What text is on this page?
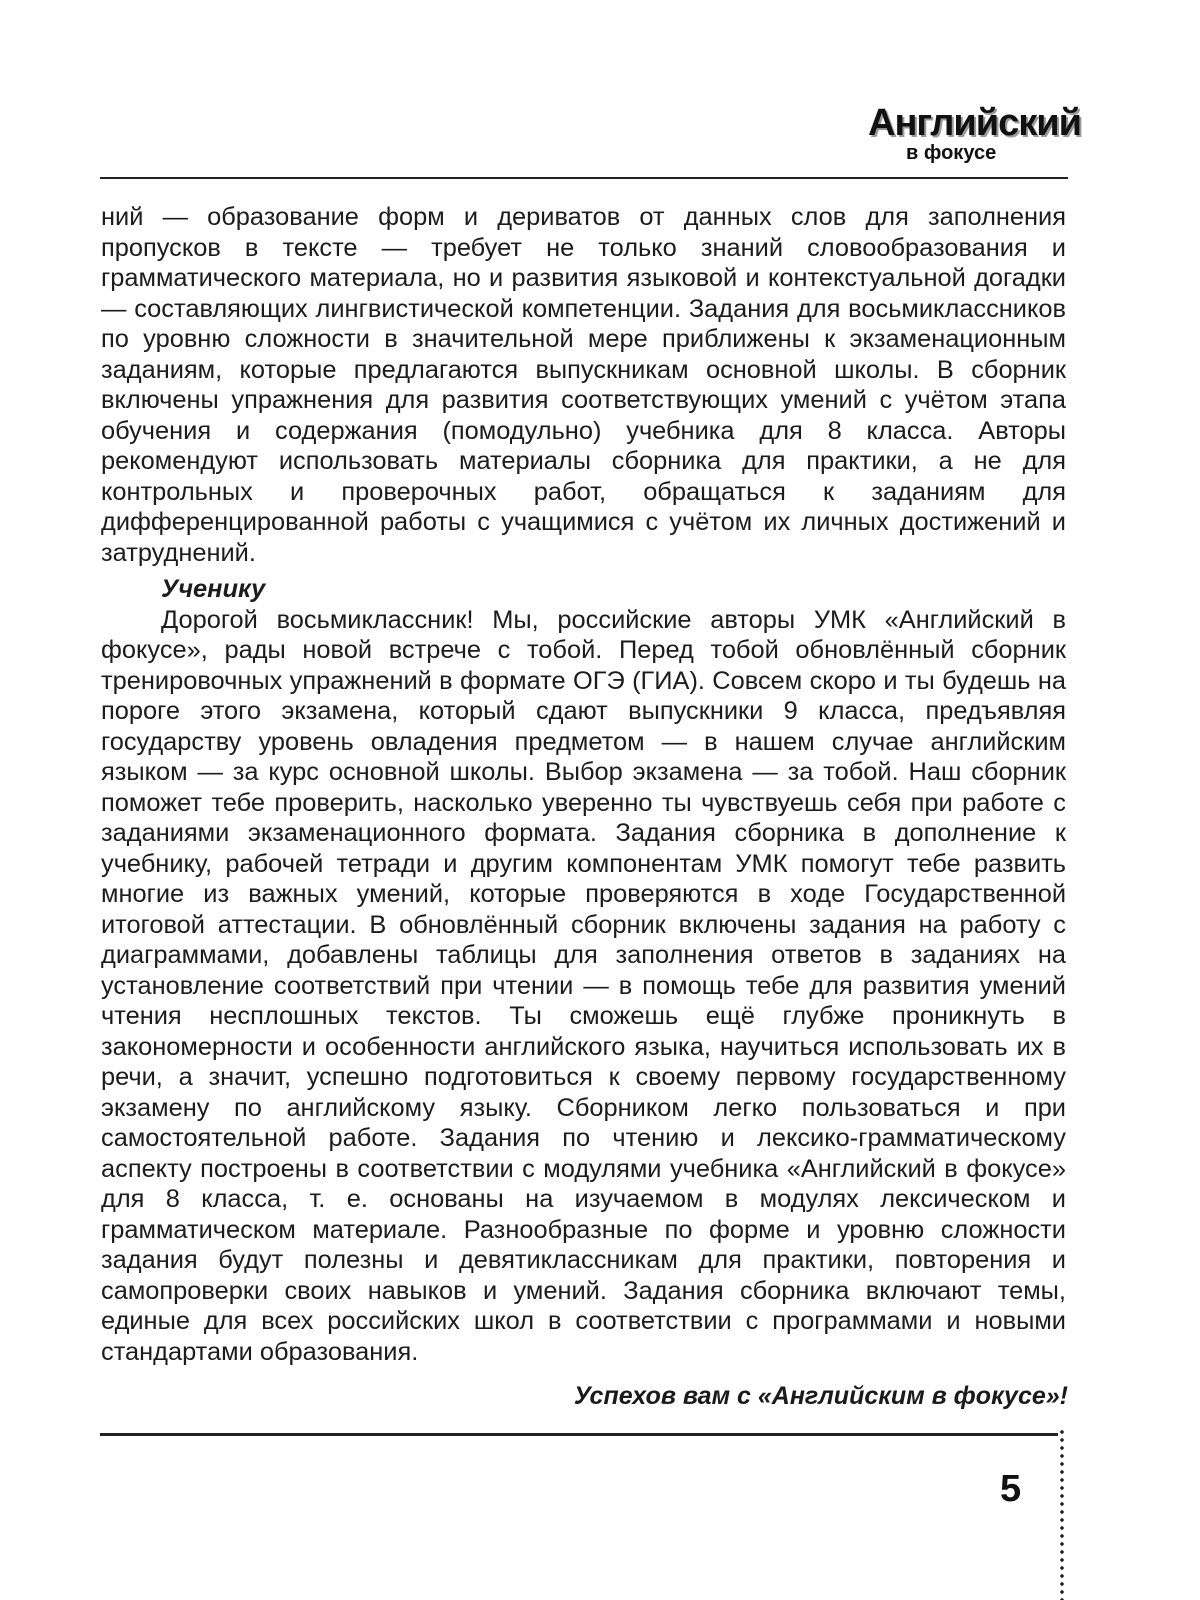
Английский
в фокусе

ний — образование форм и дериватов от данных слов для заполнения пропусков в тексте — требует не только знаний словообразования и грамматического материала, но и развития языковой и контекстуальной догадки — составляющих лингвистической компетенции. Задания для восьмиклассников по уровню сложности в значительной мере приближены к экзаменационным заданиям, которые предлагаются выпускникам основной школы. В сборник включены упражнения для развития соответствующих умений с учётом этапа обучения и содержания (помодульно) учебника для 8 класса. Авторы рекомендуют использовать материалы сборника для практики, а не для контрольных и проверочных работ, обращаться к заданиям для дифференцированной работы с учащимися с учётом их личных достижений и затруднений.

Ученику

Дорогой восьмиклассник! Мы, российские авторы УМК «Английский в фокусе», рады новой встрече с тобой. Перед тобой обновлённый сборник тренировочных упражнений в формате ОГЭ (ГИА). Совсем скоро и ты будешь на пороге этого экзамена, который сдают выпускники 9 класса, предъявляя государству уровень овладения предметом — в нашем случае английским языком — за курс основной школы. Выбор экзамена — за тобой. Наш сборник поможет тебе проверить, насколько уверенно ты чувствуешь себя при работе с заданиями экзаменационного формата. Задания сборника в дополнение к учебнику, рабочей тетради и другим компонентам УМК помогут тебе развить многие из важных умений, которые проверяются в ходе Государственной итоговой аттестации. В обновлённый сборник включены задания на работу с диаграммами, добавлены таблицы для заполнения ответов в заданиях на установление соответствий при чтении — в помощь тебе для развития умений чтения несплошных текстов. Ты сможешь ещё глубже проникнуть в закономерности и особенности английского языка, научиться использовать их в речи, а значит, успешно подготовиться к своему первому государственному экзамену по английскому языку. Сборником легко пользоваться и при самостоятельной работе. Задания по чтению и лексико-грамматическому аспекту построены в соответствии с модулями учебника «Английский в фокусе» для 8 класса, т. е. основаны на изучаемом в модулях лексическом и грамматическом материале. Разнообразные по форме и уровню сложности задания будут полезны и девятиклассникам для практики, повторения и самопроверки своих навыков и умений. Задания сборника включают темы, единые для всех российских школ в соответствии с программами и новыми стандартами образования.

Успехов вам с «Английским в фокусе»!
5
